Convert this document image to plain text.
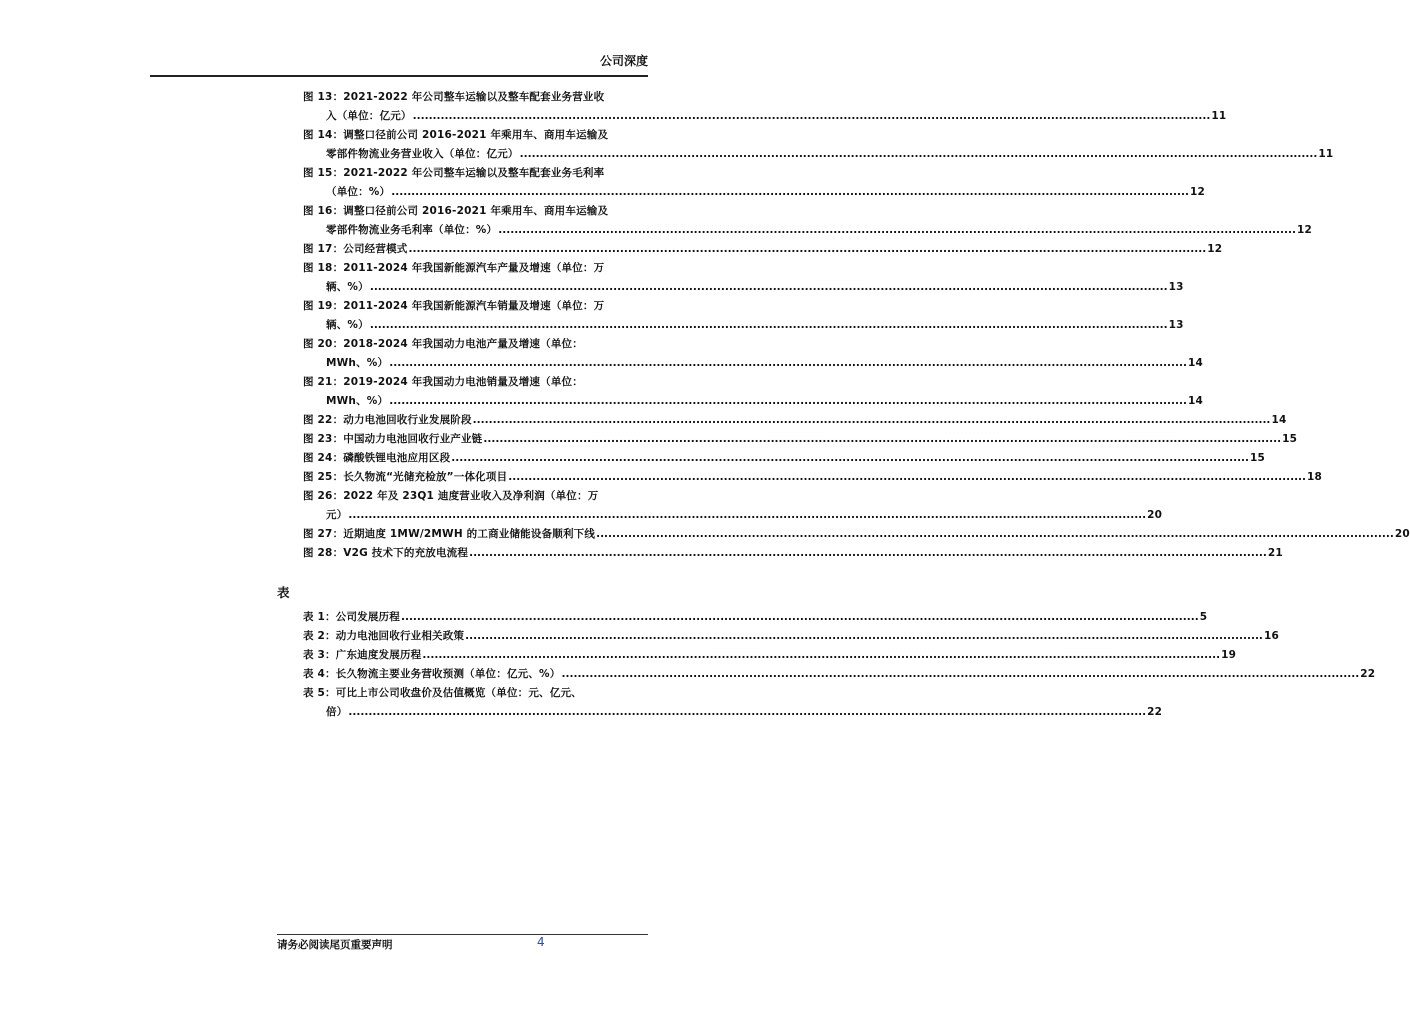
公司深度
图 13：2021-2022 年公司整车运输以及整车配套业务营业收
入（单位：亿元） ........................................................................................................................................................................................................ 11
图 14：调整口径前公司 2016-2021 年乘用车、商用车运输及
零部件物流业务营业收入（单位：亿元） ........................................................................................................................................................................................................ 11
图 15：2021-2022 年公司整车运输以及整车配套业务毛利率
（单位：%） ........................................................................................................................................................................................................ 12
图 16：调整口径前公司 2016-2021 年乘用车、商用车运输及
零部件物流业务毛利率（单位：%） ........................................................................................................................................................................................................ 12
图 17：公司经营模式 ........................................................................................................................................................................................................ 12
图 18：2011-2024 年我国新能源汽车产量及增速（单位：万
辆、%） ........................................................................................................................................................................................................ 13
图 19：2011-2024 年我国新能源汽车销量及增速（单位：万
辆、%） ........................................................................................................................................................................................................ 13
图 20：2018-2024 年我国动力电池产量及增速（单位：
MWh、%） ........................................................................................................................................................................................................ 14
图 21：2019-2024 年我国动力电池销量及增速（单位：
MWh、%） ........................................................................................................................................................................................................ 14
图 22：动力电池回收行业发展阶段 ........................................................................................................................................................................................................ 14
图 23：中国动力电池回收行业产业链 ........................................................................................................................................................................................................ 15
图 24：磷酸铁锂电池应用区段 ........................................................................................................................................................................................................ 15
图 25：长久物流“光储充检放”一体化项目 ........................................................................................................................................................................................................ 18
图 26：2022 年及 23Q1 迪度营业收入及净利润（单位：万
元） ........................................................................................................................................................................................................ 20
图 27：近期迪度 1MW/2MWH 的工商业储能设备顺利下线 ........................................................................................................................................................................................................ 20
图 28：V2G 技术下的充放电流程 ........................................................................................................................................................................................................ 21
表 1：公司发展历程 ........................................................................................................................................................................................................ 5
表 2：动力电池回收行业相关政策 ........................................................................................................................................................................................................ 16
表 3：广东迪度发展历程 ........................................................................................................................................................................................................ 19
表 4：长久物流主要业务营收预测（单位：亿元、%） ........................................................................................................................................................................................................ 22
表 5：可比上市公司收盘价及估值概览（单位：元、亿元、
倍） ........................................................................................................................................................................................................ 22
表
请务必阅读尾页重要声明	4
